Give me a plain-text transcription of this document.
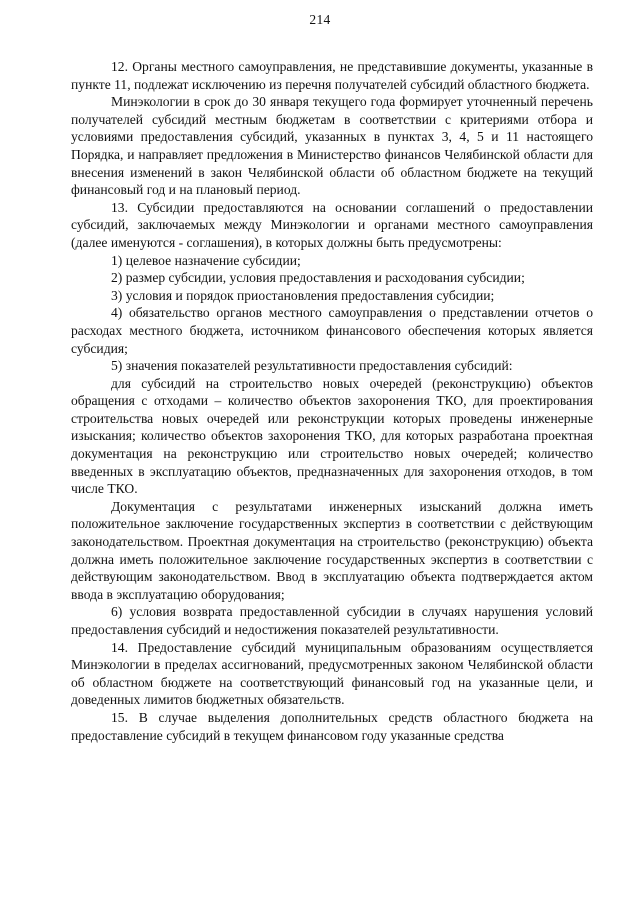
214

12. Органы местного самоуправления, не представившие документы, указанные в пункте 11, подлежат исключению из перечня получателей субсидий областного бюджета.

Минэкологии в срок до 30 января текущего года формирует уточненный перечень получателей субсидий местным бюджетам в соответствии с критериями отбора и условиями предоставления субсидий, указанных в пунктах 3, 4, 5 и 11 настоящего Порядка, и направляет предложения в Министерство финансов Челябинской области для внесения изменений в закон Челябинской области об областном бюджете на текущий финансовый год и на плановый период.

13. Субсидии предоставляются на основании соглашений о предоставлении субсидий, заключаемых между Минэкологии и органами местного самоуправления (далее именуются - соглашения), в которых должны быть предусмотрены:

1) целевое назначение субсидии;

2) размер субсидии, условия предоставления и расходования субсидии;

3) условия и порядок приостановления предоставления субсидии;

4) обязательство органов местного самоуправления о представлении отчетов о расходах местного бюджета, источником финансового обеспечения которых является субсидия;

5) значения показателей результативности предоставления субсидий:

для субсидий на строительство новых очередей (реконструкцию) объектов обращения с отходами – количество объектов захоронения ТКО, для проектирования строительства новых очередей или реконструкции которых проведены инженерные изыскания; количество объектов захоронения ТКО, для которых разработана проектная документация на реконструкцию или строительство новых очередей; количество введенных в эксплуатацию объектов, предназначенных для захоронения отходов, в том числе ТКО.

Документация с результатами инженерных изысканий должна иметь положительное заключение государственных экспертиз в соответствии с действующим законодательством. Проектная документация на строительство (реконструкцию) объекта должна иметь положительное заключение государственных экспертиз в соответствии с действующим законодательством. Ввод в эксплуатацию объекта подтверждается актом ввода в эксплуатацию оборудования;

6) условия возврата предоставленной субсидии в случаях нарушения условий предоставления субсидий и недостижения показателей результативности.

14. Предоставление субсидий муниципальным образованиям осуществляется Минэкологии в пределах ассигнований, предусмотренных законом Челябинской области об областном бюджете на соответствующий финансовый год на указанные цели, и доведенных лимитов бюджетных обязательств.

15. В случае выделения дополнительных средств областного бюджета на предоставление субсидий в текущем финансовом году указанные средства
